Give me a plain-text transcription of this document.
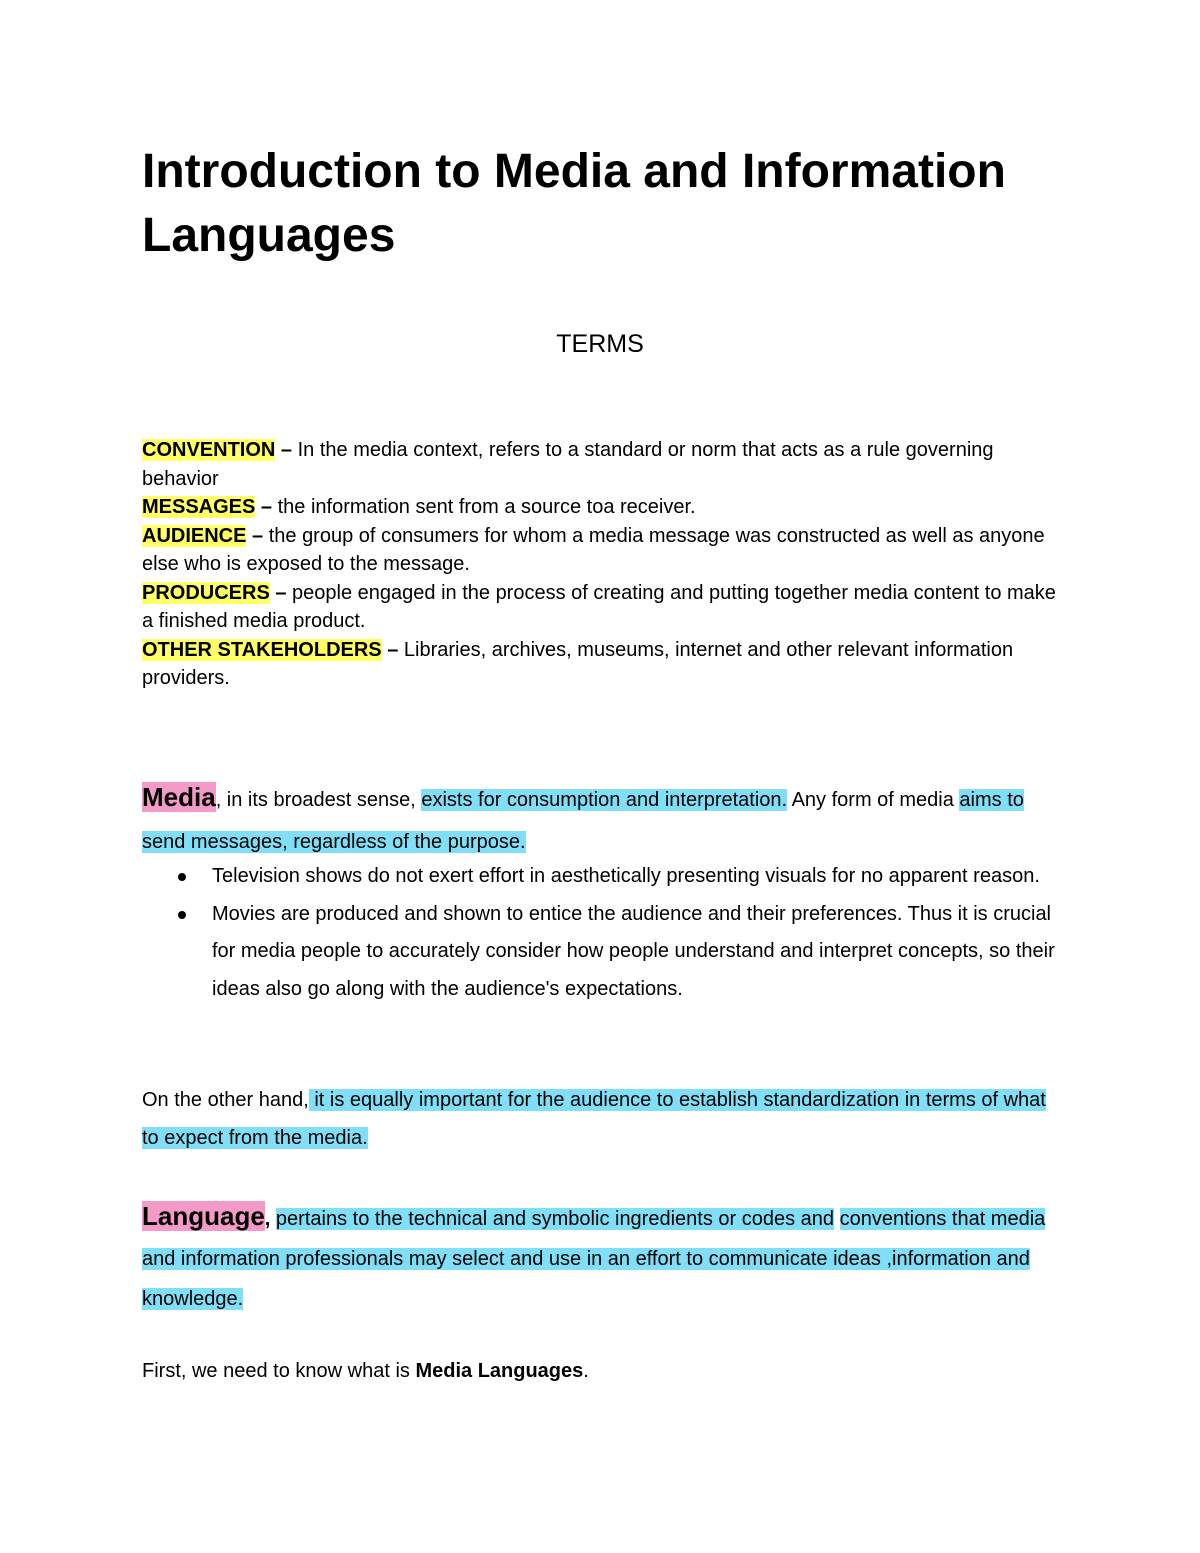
Introduction to Media and Information Languages
TERMS

CONVENTION – In the media context, refers to a standard or norm that acts as a rule governing behavior

MESSAGES – the information sent from a source toa receiver.

AUDIENCE – the group of consumers for whom a media message was constructed as well as anyone else who is exposed to the message.

PRODUCERS – people engaged in the process of creating and putting together media content to make a finished media product.

OTHER STAKEHOLDERS – Libraries, archives, museums, internet and other relevant information providers.

Media, in its broadest sense, exists for consumption and interpretation. Any form of media aims to send messages, regardless of the purpose.

Television shows do not exert effort in aesthetically presenting visuals for no apparent reason.
Movies are produced and shown to entice the audience and their preferences. Thus it is crucial for media people to accurately consider how people understand and interpret concepts, so their ideas also go along with the audience's expectations.

On the other hand, it is equally important for the audience to establish standardization in terms of what to expect from the media.

Language, pertains to the technical and symbolic ingredients or codes and conventions that media and information professionals may select and use in an effort to communicate ideas ,information and knowledge.

First, we need to know what is Media Languages.
